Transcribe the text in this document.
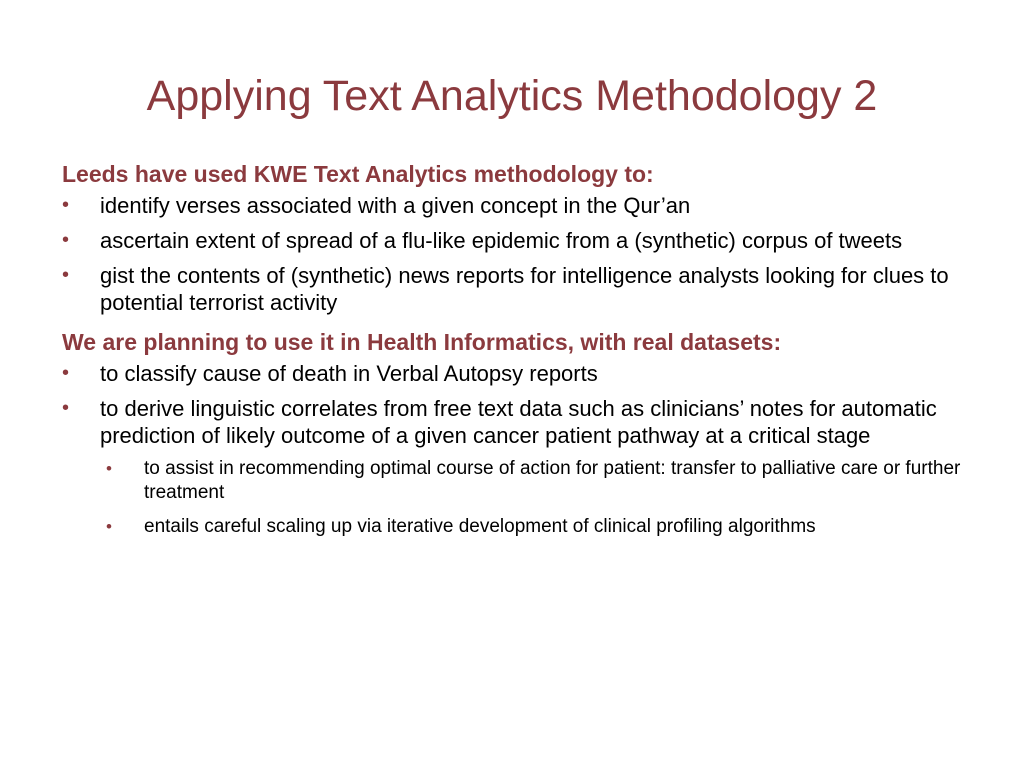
Applying Text Analytics Methodology 2

Leeds have used KWE Text Analytics methodology to:

• identify verses associated with a given concept in the Qur’an
• ascertain extent of spread of a flu-like epidemic from a (synthetic) corpus of tweets
• gist the contents of (synthetic) news reports for intelligence analysts looking for clues to potential terrorist activity

We are planning to use it in Health Informatics, with real datasets:

• to classify cause of death in Verbal Autopsy reports
• to derive linguistic correlates from free text data such as clinicians’ notes for automatic prediction of likely outcome of a given cancer patient pathway at a critical stage
• to assist in recommending optimal course of action for patient: transfer to palliative care or further treatment
• entails careful scaling up via iterative development of clinical profiling algorithms
